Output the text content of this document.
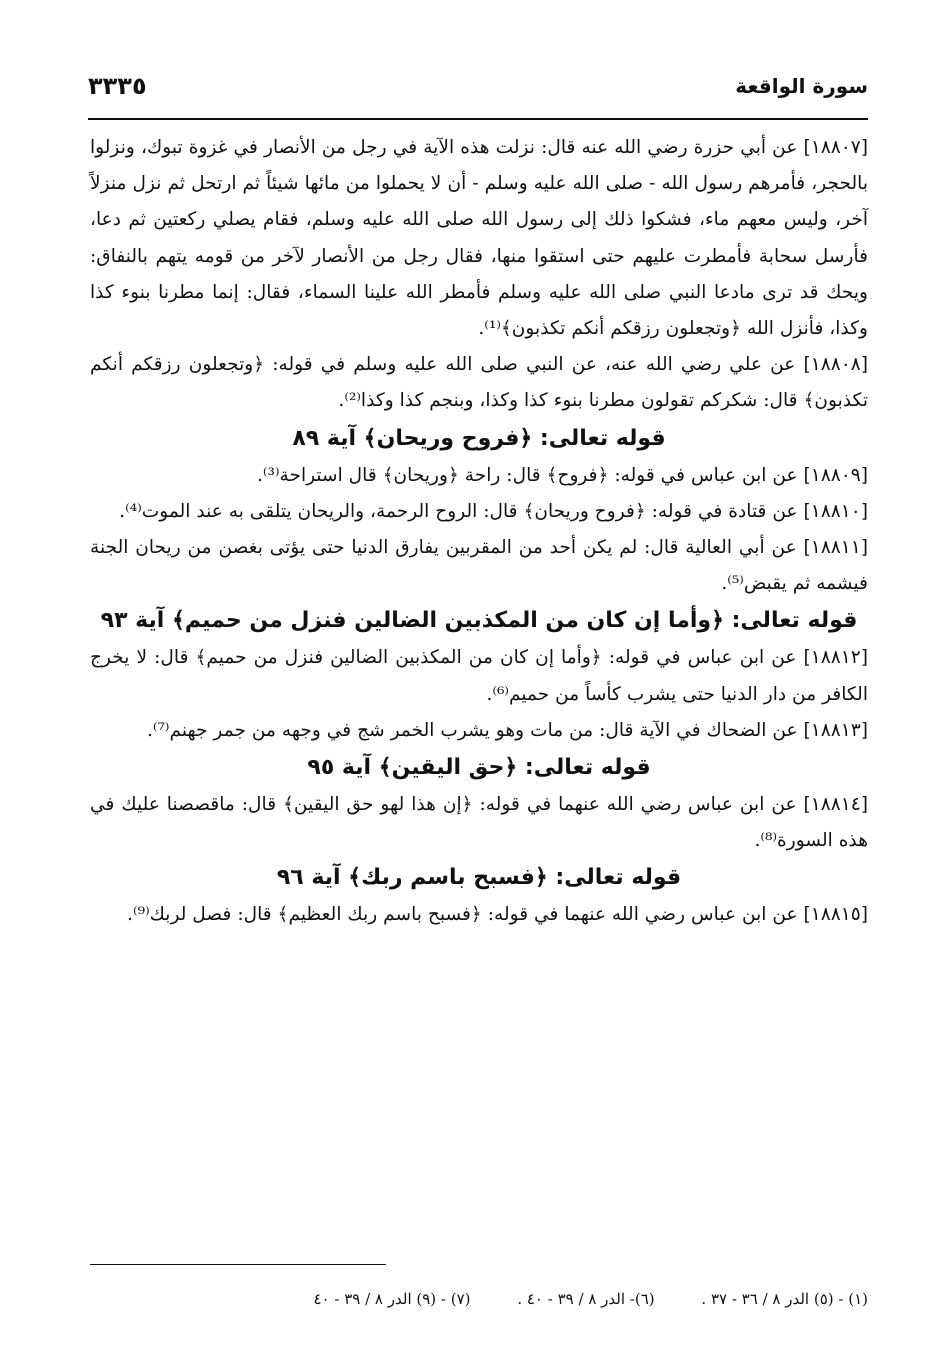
سورة الواقعة
٣٣٣٥

[١٨٨٠٧] عن أبي حزرة رضي الله عنه قال: نزلت هذه الآية في رجل من الأنصار في غزوة تبوك، ونزلوا بالحجر، فأمرهم رسول الله - صلى الله عليه وسلم - أن لا يحملوا من مائها شيئاً ثم ارتحل ثم نزل منزلاً آخر، وليس معهم ماء، فشكوا ذلك إلى رسول الله صلى الله عليه وسلم، فقام يصلي ركعتين ثم دعا، فأرسل سحابة فأمطرت عليهم حتى استقوا منها، فقال رجل من الأنصار لآخر من قومه يتهم بالنفاق: ويحك قد ترى مادعا النبي صلى الله عليه وسلم فأمطر الله علينا السماء، فقال: إنما مطرنا بنوء كذا وكذا، فأنزل الله ﴿وتجعلون رزقكم أنكم تكذبون﴾⁽¹⁾.

[١٨٨٠٨] عن علي رضي الله عنه، عن النبي صلى الله عليه وسلم في قوله: ﴿وتجعلون رزقكم أنكم تكذبون﴾ قال: شكركم تقولون مطرنا بنوء كذا وكذا، وبنجم كذا وكذا⁽²⁾.

قوله تعالى: ﴿فروح وريحان﴾ آية ٨٩

[١٨٨٠٩] عن ابن عباس في قوله: ﴿فروح﴾ قال: راحة ﴿وريحان﴾ قال استراحة⁽³⁾.

[١٨٨١٠] عن قتادة في قوله: ﴿فروح وريحان﴾ قال: الروح الرحمة، والريحان يتلقى به عند الموت⁽⁴⁾.

[١٨٨١١] عن أبي العالية قال: لم يكن أحد من المقربين يفارق الدنيا حتى يؤتى بغصن من ريحان الجنة فيشمه ثم يقبض⁽⁵⁾.

قوله تعالى: ﴿وأما إن كان من المكذبين الضالين فنزل من حميم﴾ آية ٩٣

[١٨٨١٢] عن ابن عباس في قوله: ﴿وأما إن كان من المكذبين الضالين فنزل من حميم﴾ قال: لا يخرج الكافر من دار الدنيا حتى يشرب كأساً من حميم⁽⁶⁾.

[١٨٨١٣] عن الضحاك في الآية قال: من مات وهو يشرب الخمر شج في وجهه من جمر جهنم⁽⁷⁾.

قوله تعالى: ﴿حق اليقين﴾ آية ٩٥

[١٨٨١٤] عن ابن عباس رضي الله عنهما في قوله: ﴿إن هذا لهو حق اليقين﴾ قال: ماقصصنا عليك في هذه السورة⁽⁸⁾.

قوله تعالى: ﴿فسبح باسم ربك﴾ آية ٩٦

[١٨٨١٥] عن ابن عباس رضي الله عنهما في قوله: ﴿فسبح باسم ربك العظيم﴾ قال: فصل لربك⁽⁹⁾.

(١) - (٥) الدر ٨ / ٣٦ - ٣٧ . (٦)- الدر ٨ / ٣٩ - ٤٠ . (٧) - (٩) الدر ٨ / ٣٩ - ٤٠
